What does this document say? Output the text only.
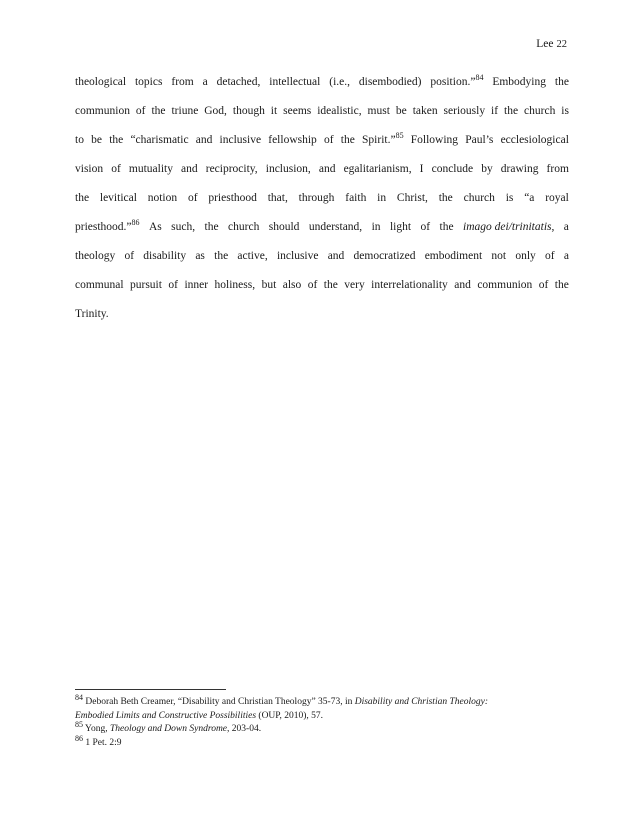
Lee 22
theological topics from a detached, intellectual (i.e., disembodied) position.”$^{84}$ Embodying the
communion of the triune God, though it seems idealistic, must be taken seriously if the church is
to be the “charismatic and inclusive fellowship of the Spirit.”$^{85}$ Following Paul’s ecclesiological
vision of mutuality and reciprocity, inclusion, and egalitarianism, I conclude by drawing from
the levitical notion of priesthood that, through faith in Christ, the church is “a royal
priesthood.”$^{86}$ As such, the church should understand, in light of the imago dei/trinitatis, a
theology of disability as the active, inclusive and democratized embodiment not only of a
communal pursuit of inner holiness, but also of the very interrelationality and communion of the
Trinity.
$^{84}$ Deborah Beth Creamer, “Disability and Christian Theology” 35-73, in Disability and Christian Theology:
Embodied Limits and Constructive Possibilities (OUP, 2010), 57.
$^{85}$ Yong, Theology and Down Syndrome, 203-04.
$^{86}$ 1 Pet. 2:9
